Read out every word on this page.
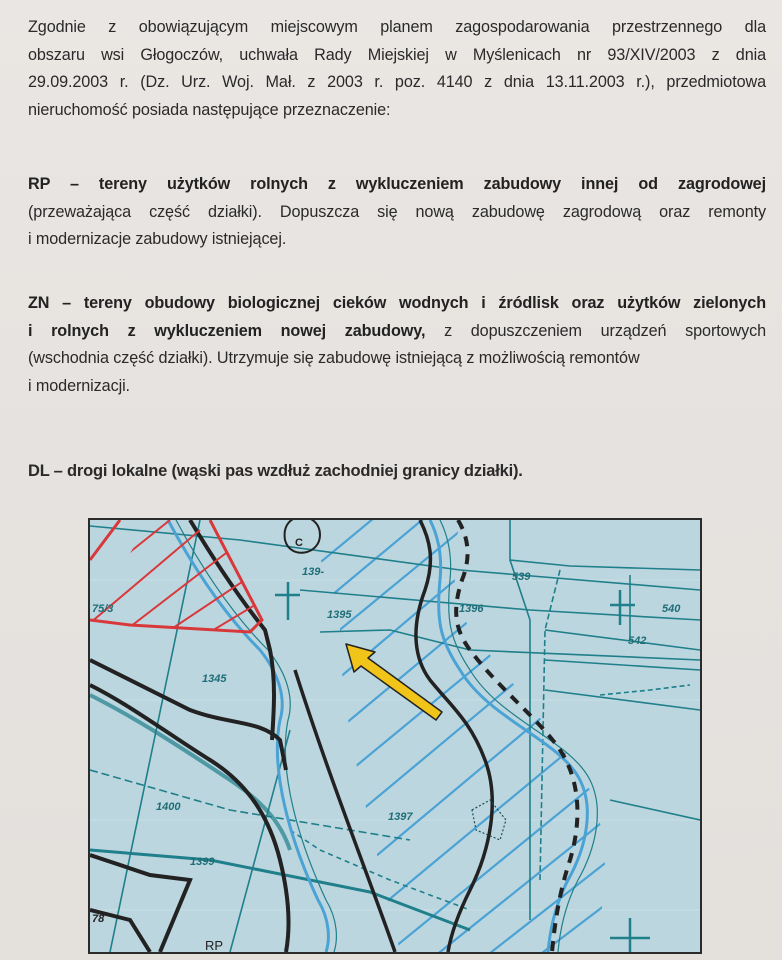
Zgodnie z obowiązującym miejscowym planem zagospodarowania przestrzennego dla
obszaru wsi Głogoczów, uchwała Rady Miejskiej w Myślenicach nr 93/XIV/2003 z dnia
29.09.2003 r. (Dz. Urz. Woj. Mał. z 2003 r. poz. 4140 z dnia 13.11.2003 r.), przedmiotowa
nieruchomość posiada następujące przeznaczenie:
RP – tereny użytków rolnych z wykluczeniem zabudowy innej od zagrodowej
(przeważająca część działki). Dopuszcza się nową zabudowę zagrodową oraz remonty
i modernizacje zabudowy istniejącej.
ZN – tereny obudowy biologicznej cieków wodnych i źródlisk oraz użytków zielonych
i rolnych z wykluczeniem nowej zabudowy, z dopuszczeniem urządzeń sportowych
(wschodnia część działki). Utrzymuje się zabudowę istniejącą z możliwością remontów
i modernizacji.
DL – drogi lokalne (wąski pas wzdłuż zachodniej granicy działki).
1345
1395
139-
1396
1397
539
540
542
1399
1400
75/3
78
C
RP
